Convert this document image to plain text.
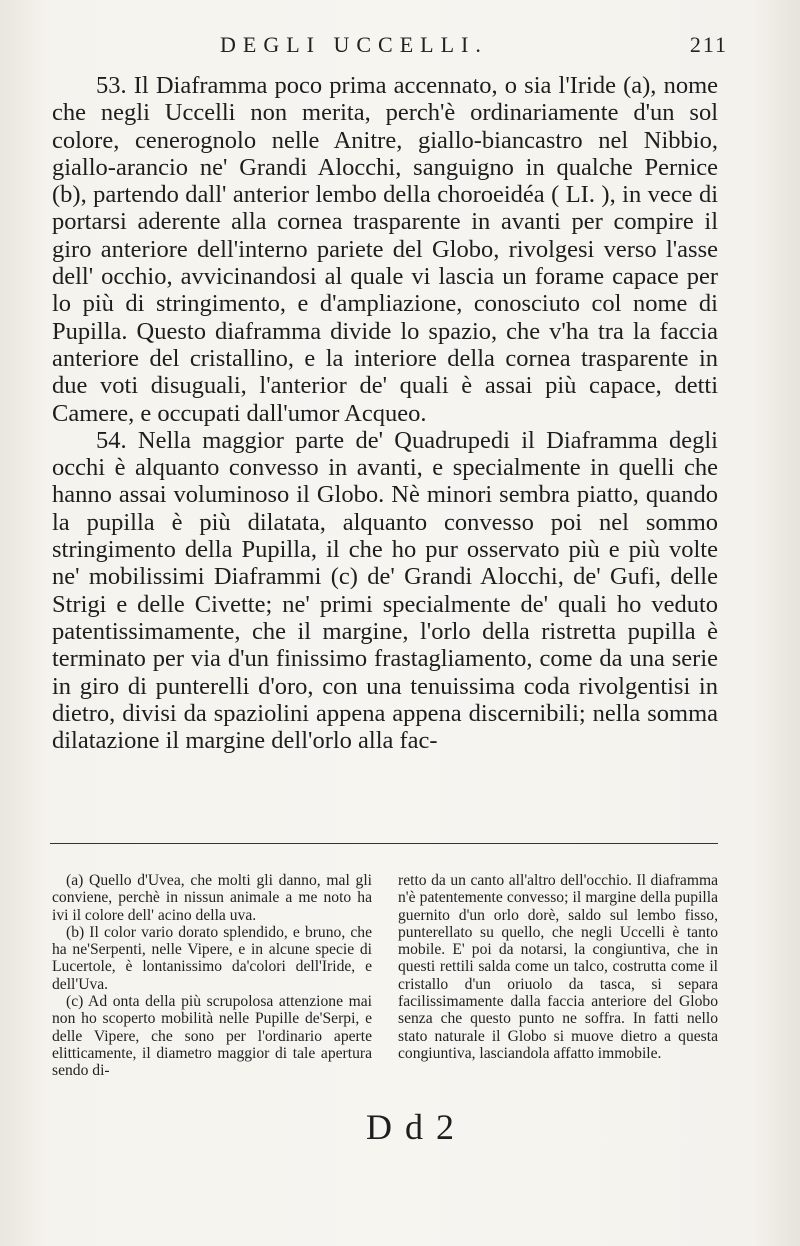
DEGLI UCCELLI.	211

53. Il Diaframma poco prima accennato, o sia l'Iride (a), nome che negli Uccelli non merita, perch'è ordinariamente d'un sol colore, cenerognolo nelle Anitre, giallo-biancastro nel Nibbio, giallo-arancio ne' Grandi Alocchi, sanguigno in qualche Pernice (b), partendo dall' anterior lembo della choroeidéa ( LI. ), in vece di portarsi aderente alla cornea trasparente in avanti per compire il giro anteriore dell'interno pariete del Globo, rivolgesi verso l'asse dell' occhio, avvicinandosi al quale vi lascia un forame capace per lo più di stringimento, e d'ampliazione, conosciuto col nome di Pupilla. Questo diaframma divide lo spazio, che v'ha tra la faccia anteriore del cristallino, e la interiore della cornea trasparente in due voti disuguali, l'anterior de' quali è assai più capace, detti Camere, e occupati dall'umor Acqueo.

54. Nella maggior parte de' Quadrupedi il Diaframma degli occhi è alquanto convesso in avanti, e specialmente in quelli che hanno assai voluminoso il Globo. Nè minori sembra piatto, quando la pupilla è più dilatata, alquanto convesso poi nel sommo stringimento della Pupilla, il che ho pur osservato più e più volte ne' mobilissimi Diaframmi (c) de' Grandi Alocchi, de' Gufi, delle Strigi e delle Civette; ne' primi specialmente de' quali ho veduto patentissimamente, che il margine, l'orlo della ristretta pupilla è terminato per via d'un finissimo frastagliamento, come da una serie in giro di punterelli d'oro, con una tenuissima coda rivolgentisi in dietro, divisi da spaziolini appena appena discernibili; nella somma dilatazione il margine dell'orlo alla fac-

(a) Quello d'Uvea, che molti gli danno, mal gli conviene, perchè in nissun animale a me noto ha ivi il colore dell' acino della uva.

(b) Il color vario dorato splendido, e bruno, che ha ne'Serpenti, nelle Vipere, e in alcune specie di Lucertole, è lontanissimo da'colori dell'Iride, e dell'Uva.

(c) Ad onta della più scrupolosa attenzione mai non ho scoperto mobilità nelle Pupille de'Serpi, e delle Vipere, che sono per l'ordinario aperte elitticamente, il diametro maggior di tale apertura sendo di-

retto da un canto all'altro dell'occhio. Il diaframma n'è patentemente convesso; il margine della pupilla guernito d'un orlo dorè, saldo sul lembo fisso, punterellato su quello, che negli Uccelli è tanto mobile. E' poi da notarsi, la congiuntiva, che in questi rettili salda come un talco, costrutta come il cristallo d'un oriuolo da tasca, si separa facilissimamente dalla faccia anteriore del Globo senza che questo punto ne soffra. In fatti nello stato naturale il Globo si muove dietro a questa congiuntiva, lasciandola affatto immobile.

D d 2
